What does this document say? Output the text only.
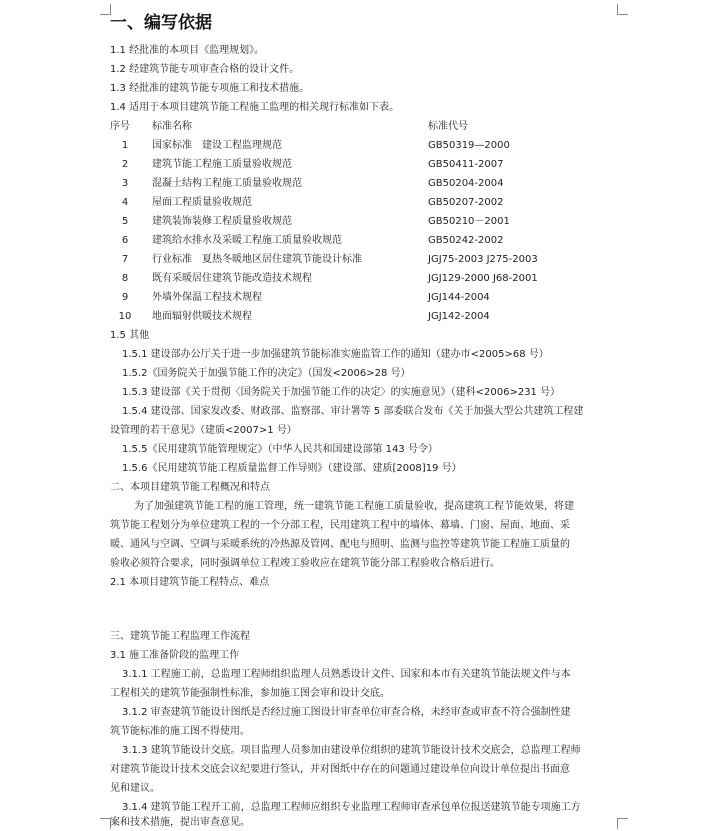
一、编写依据
1.1 经批准的本项目《监理规划》。
1.2 经建筑节能专项审查合格的设计文件。
1.3 经批准的建筑节能专项施工和技术措施。
1.4 适用于本项目建筑节能工程施工监理的相关现行标准如下表。
序号 标准名称	标准代号
1	国家标准　建设工程监理规范	GB50319—2000
2	建筑节能工程施工质量验收规范	GB50411-2007
3	混凝土结构工程施工质量验收规范	GB50204-2004
4	屋面工程质量验收规范	GB50207-2002
5	建筑装饰装修工程质量验收规范	GB50210－2001
6	建筑给水排水及采暖工程施工质量验收规范	GB50242-2002
7	行业标准　夏热冬暖地区居住建筑节能设计标准	JGJ75-2003 J275-2003
8	既有采暖居住建筑节能改造技术规程	JGJ129-2000 J68-2001
9	外墙外保温工程技术规程	JGJ144-2004
10	地面辐射供暖技术规程	JGJ142-2004
1.5 其他
1.5.1 建设部办公厅关于进一步加强建筑节能标准实施监管工作的通知（建办市<2005>68 号）
1.5.2《国务院关于加强节能工作的决定》（国发<2006>28 号）
1.5.3 建设部《关于贯彻〈国务院关于加强节能工作的决定〉的实施意见》（建科<2006>231 号）
1.5.4 建设部、国家发改委、财政部、监察部、审计署等 5 部委联合发布《关于加强大型公共建筑工程建
设管理的若干意见》（建质<2007>1 号）
1.5.5《民用建筑节能管理规定》（中华人民共和国建设部第 143 号令）
1.5.6《民用建筑节能工程质量监督工作导则》（建设部、建质[2008]19 号）
二、本项目建筑节能工程概况和特点
为了加强建筑节能工程的施工管理，统一建筑节能工程施工质量验收，提高建筑工程节能效果，将建
筑节能工程划分为单位建筑工程的一个分部工程，民用建筑工程中的墙体、幕墙、门窗、屋面、地面、采
暖、通风与空调、空调与采暖系统的冷热源及管网、配电与照明、监测与监控等建筑节能工程施工质量的
验收必须符合要求，同时强调单位工程竣工验收应在建筑节能分部工程验收合格后进行。
2.1 本项目建筑节能工程特点、难点
三、建筑节能工程监理工作流程
3.1 施工准备阶段的监理工作
3.1.1 工程施工前，总监理工程师组织监理人员熟悉设计文件、国家和本市有关建筑节能法规文件与本
工程相关的建筑节能强制性标准，参加施工图会审和设计交底。
3.1.2 审查建筑节能设计图纸是否经过施工图设计审查单位审查合格，未经审查或审查不符合强制性建
筑节能标准的施工图不得使用。
3.1.3 建筑节能设计交底。项目监理人员参加由建设单位组织的建筑节能设计技术交底会，总监理工程师
对建筑节能设计技术交底会议纪要进行签认，并对图纸中存在的问题通过建设单位向设计单位提出书面意
见和建议。
3.1.4 建筑节能工程开工前，总监理工程师应组织专业监理工程师审查承包单位报送建筑节能专项施工方
案和技术措施，提出审查意见。
